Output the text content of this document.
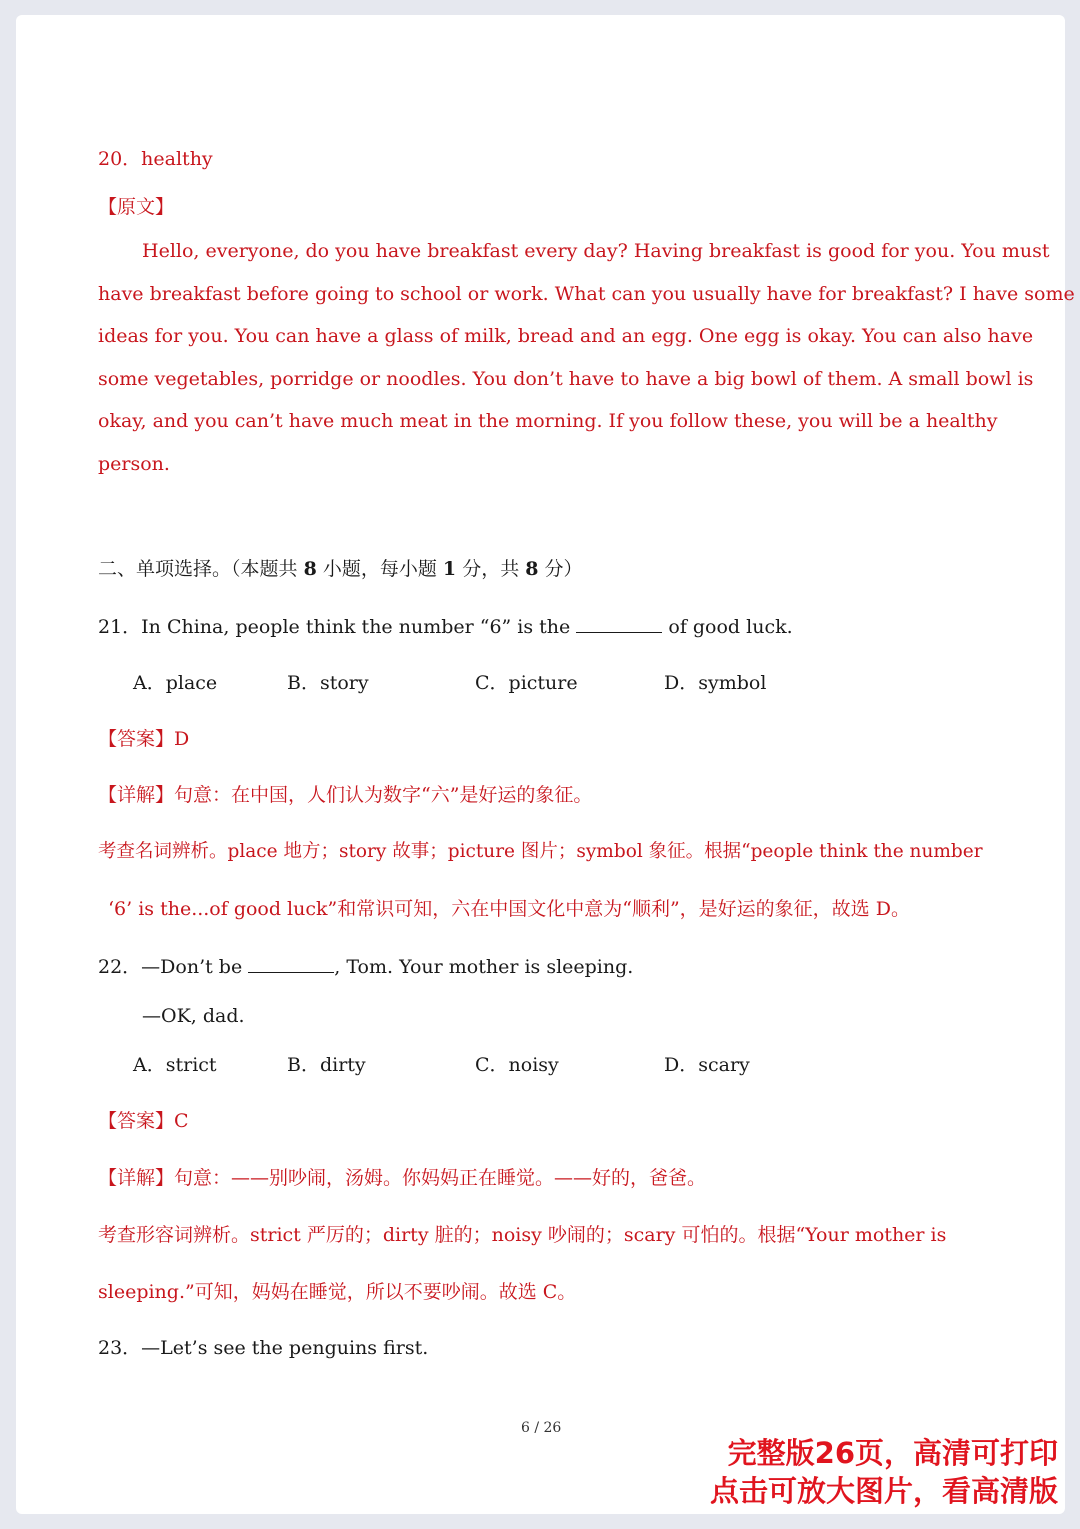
20．healthy
【原文】
Hello, everyone, do you have breakfast every day? Having breakfast is good for you. You must
have breakfast before going to school or work. What can you usually have for breakfast? I have some
ideas for you. You can have a glass of milk, bread and an egg. One egg is okay. You can also have
some vegetables, porridge or noodles. You don’t have to have a big bowl of them. A small bowl is
okay, and you can’t have much meat in the morning. If you follow these, you will be a healthy
person.
二、单项选择。（本题共 8 小题，每小题 1 分，共 8 分）
21．In China, people think the number “6” is the	of good luck.
A．place	B．story	C．picture	D．symbol
【答案】D
【详解】句意：在中国，人们认为数字“六”是好运的象征。
考查名词辨析。place 地方；story 故事；picture 图片；symbol 象征。根据“people think the number
‘6’ is the...of good luck”和常识可知，六在中国文化中意为“顺利”，是好运的象征，故选 D。
22．—Don’t be	, Tom. Your mother is sleeping.
—OK, dad.
A．strict	B．dirty	C．noisy	D．scary
【答案】C
【详解】句意：——别吵闹，汤姆。你妈妈正在睡觉。——好的，爸爸。
考查形容词辨析。strict 严厉的；dirty 脏的；noisy 吵闹的；scary 可怕的。根据“Your mother is
sleeping.”可知，妈妈在睡觉，所以不要吵闹。故选 C。
23．—Let’s see the penguins first.
6 / 26
完整版26页，高清可打印
点击可放大图片，看高清版
